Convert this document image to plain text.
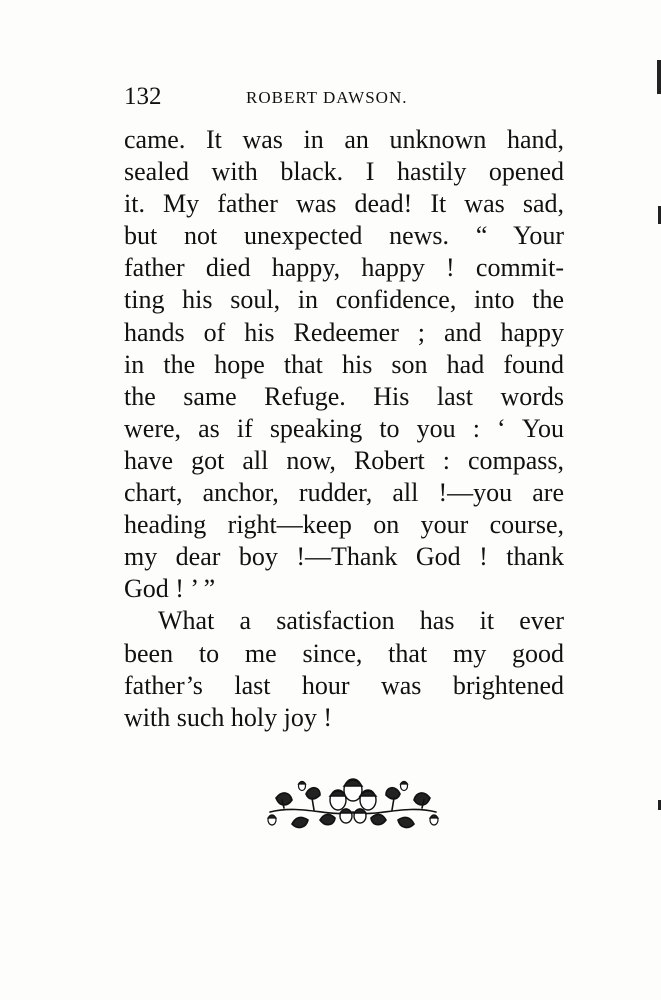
132	ROBERT DAWSON.
came. It was in an unknown hand,
sealed with black. I hastily opened
it. My father was dead! It was sad,
but not unexpected news. “ Your
father died happy, happy ! commit-
ting his soul, in confidence, into the
hands of his Redeemer ; and happy
in the hope that his son had found
the same Refuge. His last words
were, as if speaking to you : ‘ You
have got all now, Robert : compass,
chart, anchor, rudder, all !—you are
heading right—keep on your course,
my dear boy !—Thank God ! thank
God ! ’ ”
What a satisfaction has it ever
been to me since, that my good
father’s last hour was brightened
with such holy joy !
